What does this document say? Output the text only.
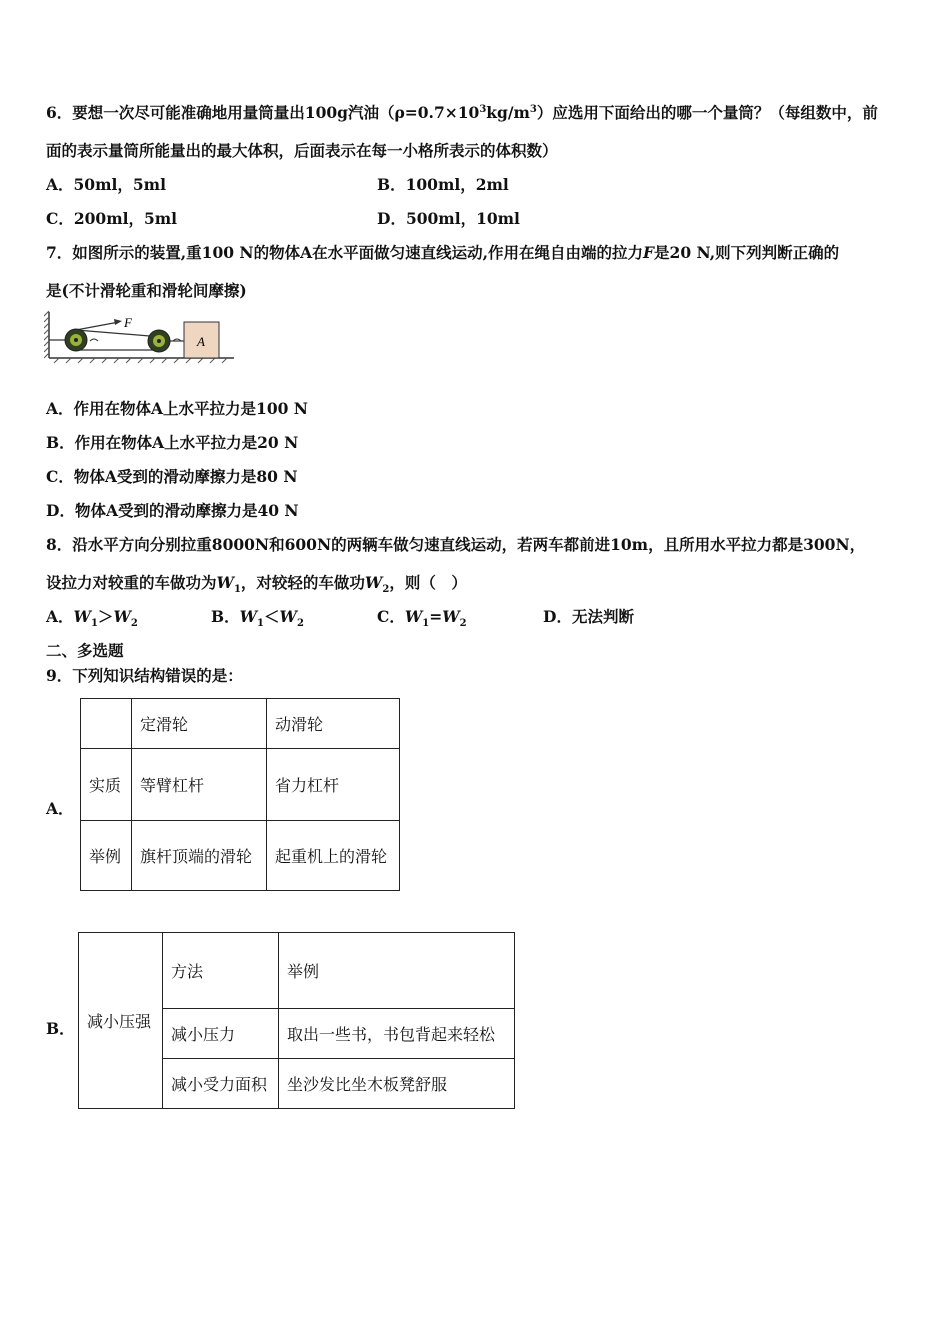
6．要想一次尽可能准确地用量筒量出100g汽油$(\rho=0.7\times 10^3kg/m^3)$应选用下面给出的哪一个量筒？（每组数中，前
面的表示量筒所能量出的最大体积，后面表示在每一小格所表示的体积数）
A．50ml，5ml	B．100ml，2ml
C．200ml，5ml	D．500ml，10ml
7．如图所示的装置,重100 N的物体A在水平面做匀速直线运动,作用在绳自由端的拉力F是20 N,则下列判断正确的
是(不计滑轮重和滑轮间摩擦)
A
F
A．作用在物体A上水平拉力是100 N
B．作用在物体A上水平拉力是20 N
C．物体A受到的滑动摩擦力是80 N
D．物体A受到的滑动摩擦力是40 N
8．沿水平方向分别拉重8000N和600N的两辆车做匀速直线运动，若两车都前进10m，且所用水平拉力都是300N，
设拉力对较重的车做功为$W_1$，对较轻的车做功$W_2$，则（　）
A．$W_1>W_2$	B．$W_1<W_2$	C．$W_1=W_2$	D．无法判断
二、多选题
9．下列知识结构错误的是：
A．
	定滑轮	动滑轮
实质	等臂杠杆	省力杠杆
举例	旗杆顶端的滑轮	起重机上的滑轮
B． 减小压强	方法	举例
	减小压力	取出一些书，书包背起来轻松
	减小受力面积	坐沙发比坐木板凳舒服
